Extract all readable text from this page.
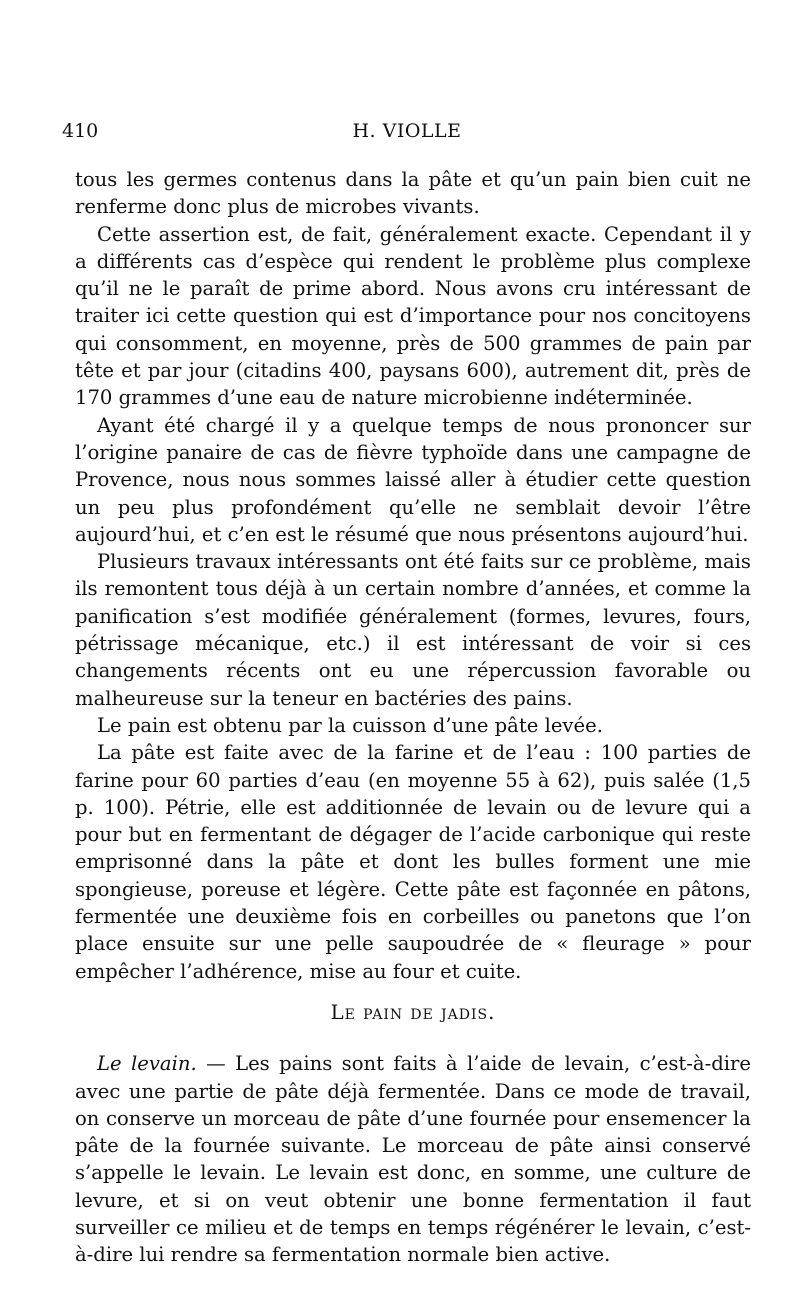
410	H. VIOLLE

tous les germes contenus dans la pâte et qu’un pain bien cuit ne renferme donc plus de microbes vivants.

Cette assertion est, de fait, généralement exacte. Cependant il y a différents cas d’espèce qui rendent le problème plus complexe qu’il ne le paraît de prime abord. Nous avons cru intéressant de traiter ici cette question qui est d’importance pour nos concitoyens qui consomment, en moyenne, près de 500 grammes de pain par tête et par jour (citadins 400, paysans 600), autrement dit, près de 170 grammes d’une eau de nature microbienne indéterminée.

Ayant été chargé il y a quelque temps de nous prononcer sur l’origine panaire de cas de fièvre typhoïde dans une campagne de Provence, nous nous sommes laissé aller à étudier cette question un peu plus profondément qu’elle ne semblait devoir l’être aujourd’hui, et c’en est le résumé que nous présentons aujourd’hui.

Plusieurs travaux intéressants ont été faits sur ce problème, mais ils remontent tous déjà à un certain nombre d’années, et comme la panification s’est modifiée généralement (formes, levures, fours, pétrissage mécanique, etc.) il est intéressant de voir si ces changements récents ont eu une répercussion favorable ou malheureuse sur la teneur en bactéries des pains.

Le pain est obtenu par la cuisson d’une pâte levée.

La pâte est faite avec de la farine et de l’eau : 100 parties de farine pour 60 parties d’eau (en moyenne 55 à 62), puis salée (1,5 p. 100). Pétrie, elle est additionnée de levain ou de levure qui a pour but en fermentant de dégager de l’acide carbonique qui reste emprisonné dans la pâte et dont les bulles forment une mie spongieuse, poreuse et légère. Cette pâte est façonnée en pâtons, fermentée une deuxième fois en corbeilles ou panetons que l’on place ensuite sur une pelle saupoudrée de « fleurage » pour empêcher l’adhérence, mise au four et cuite.

Le pain de jadis.

Le levain. — Les pains sont faits à l’aide de levain, c’est-à-dire avec une partie de pâte déjà fermentée. Dans ce mode de travail, on conserve un morceau de pâte d’une fournée pour ensemencer la pâte de la fournée suivante. Le morceau de pâte ainsi conservé s’appelle le levain. Le levain est donc, en somme, une culture de levure, et si on veut obtenir une bonne fermentation il faut surveiller ce milieu et de temps en temps régénérer le levain, c’est-à-dire lui rendre sa fermentation normale bien active.
